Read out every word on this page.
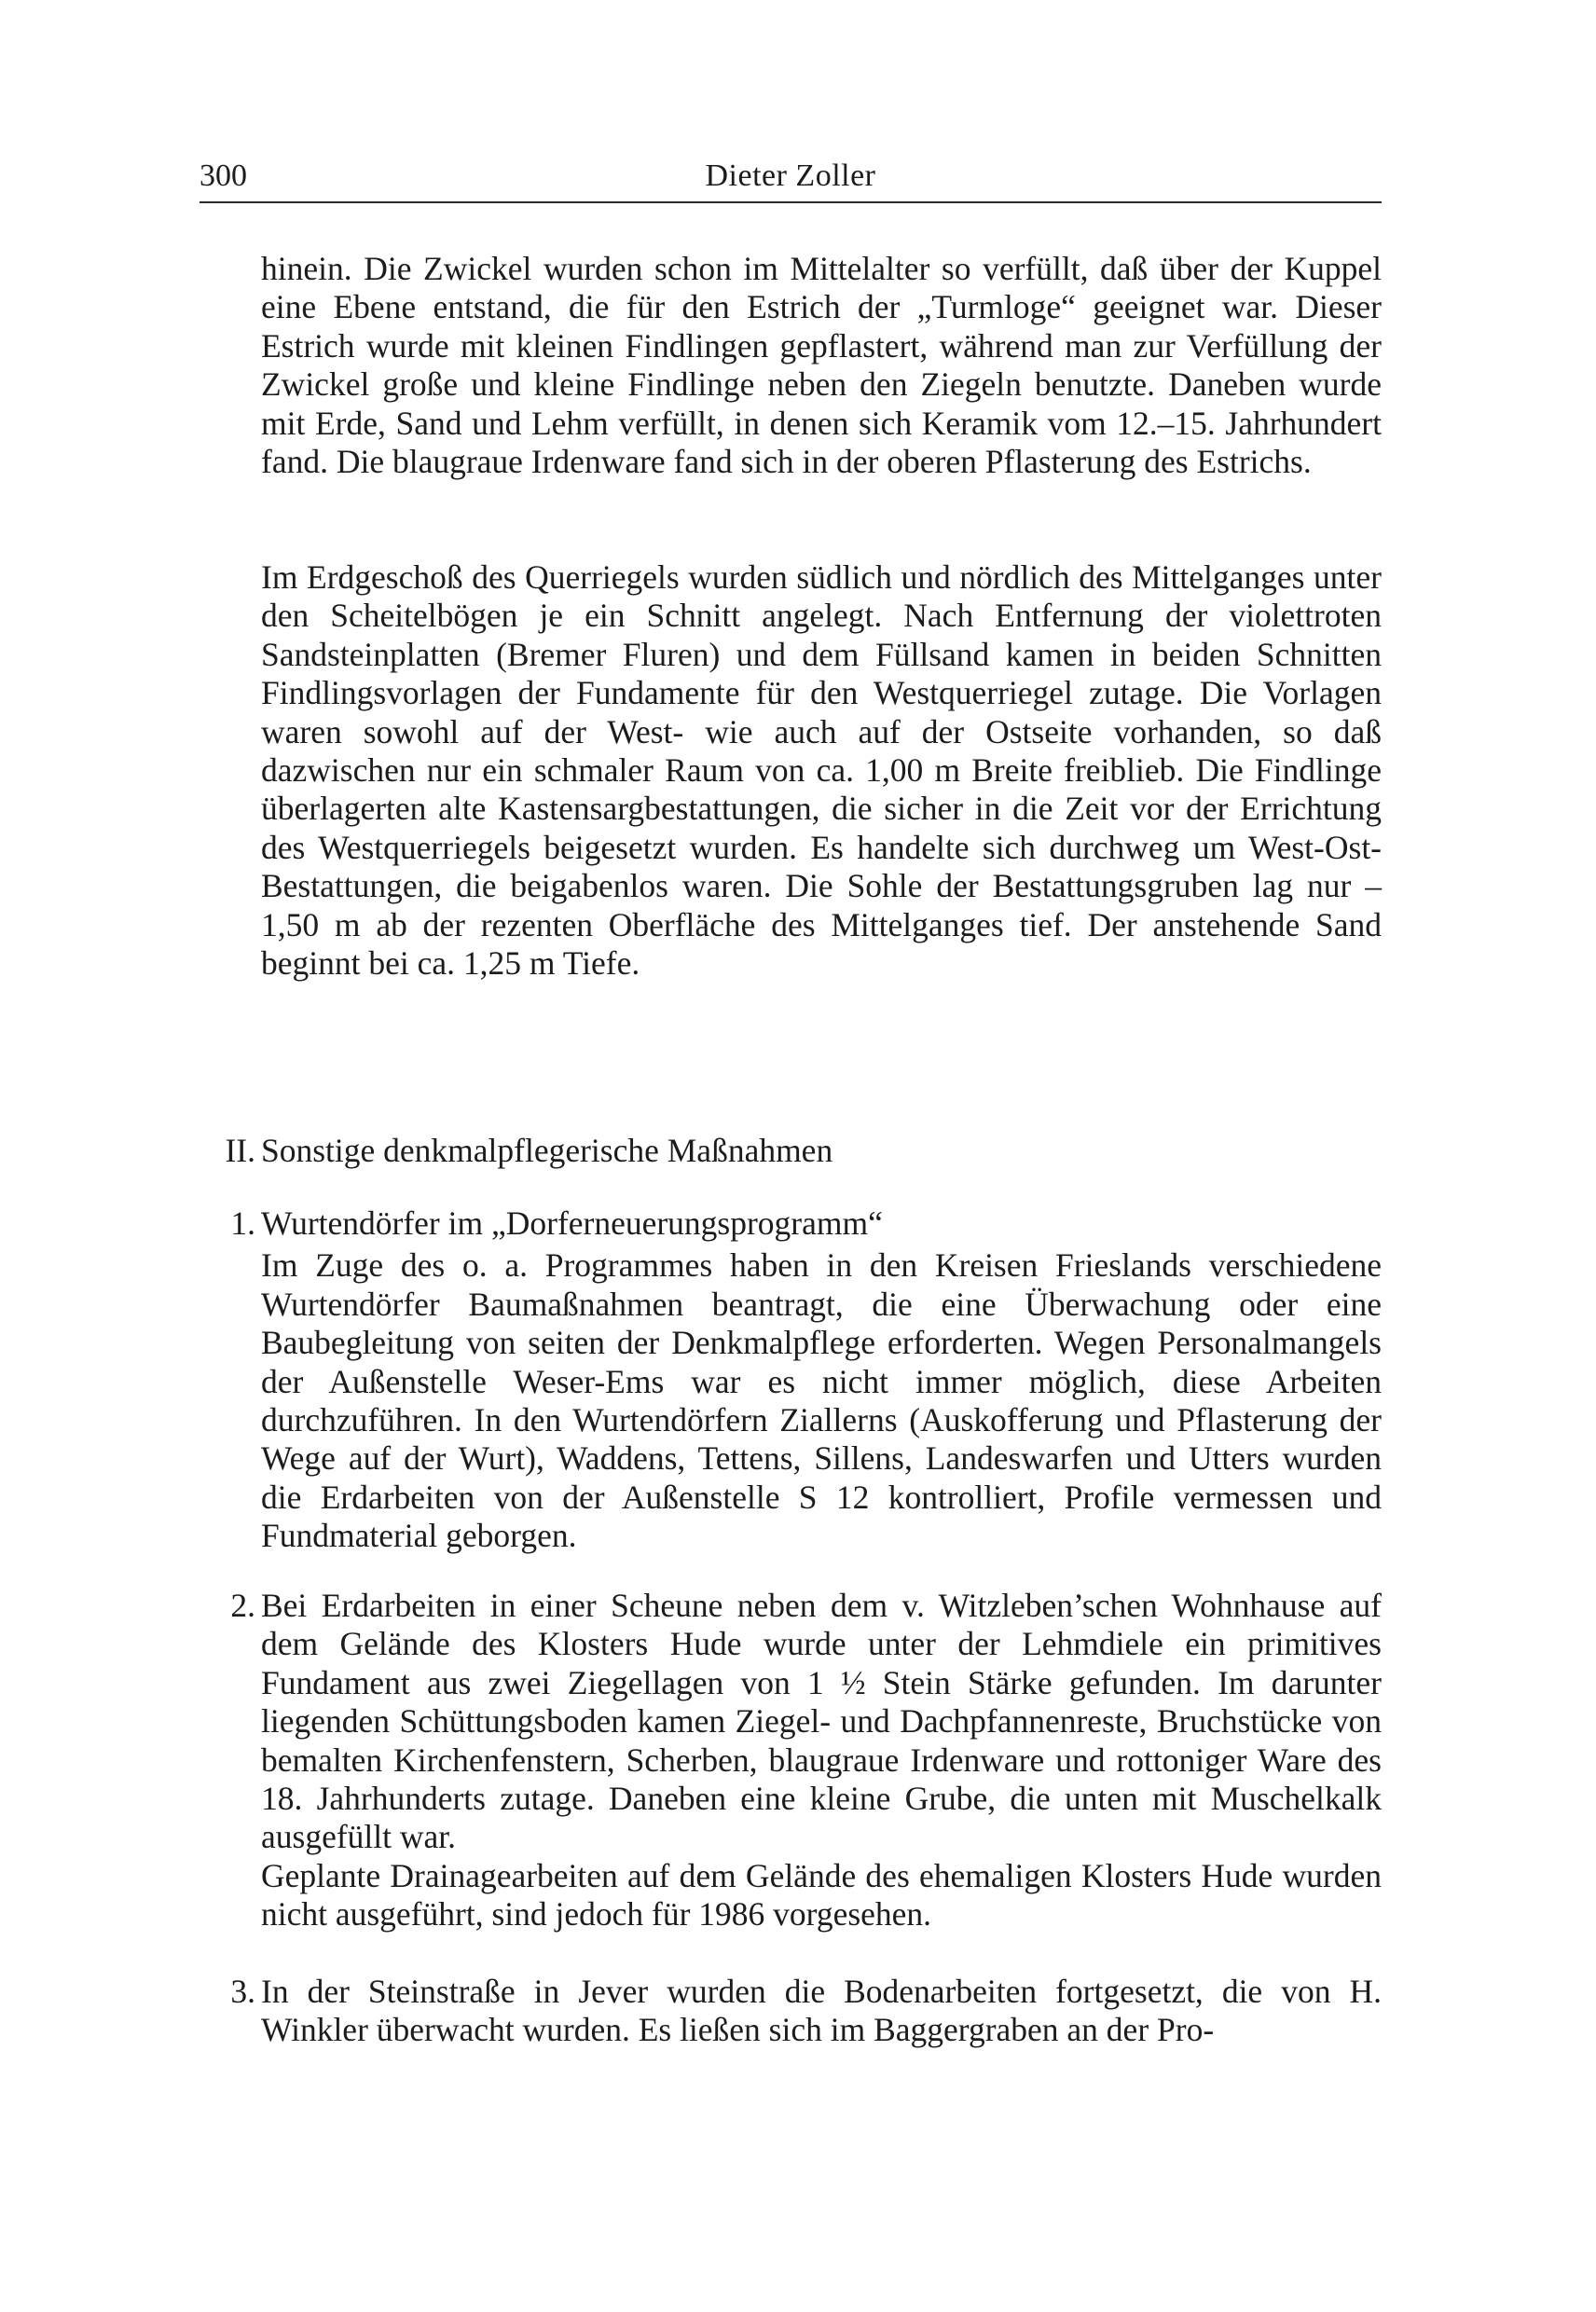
300	Dieter Zoller

hinein. Die Zwickel wurden schon im Mittelalter so verfüllt, daß über der Kuppel eine Ebene entstand, die für den Estrich der „Turmloge“ geeignet war. Dieser Estrich wurde mit kleinen Findlingen gepflastert, während man zur Verfüllung der Zwickel große und kleine Findlinge neben den Ziegeln benutzte. Daneben wurde mit Erde, Sand und Lehm verfüllt, in denen sich Keramik vom 12.–15. Jahrhundert fand. Die blaugraue Irdenware fand sich in der oberen Pflasterung des Estrichs.

Im Erdgeschoß des Querriegels wurden südlich und nördlich des Mittelganges unter den Scheitelbögen je ein Schnitt angelegt. Nach Entfernung der violettroten Sandsteinplatten (Bremer Fluren) und dem Füllsand kamen in beiden Schnitten Findlingsvorlagen der Fundamente für den Westquerriegel zutage. Die Vorlagen waren sowohl auf der West- wie auch auf der Ostseite vorhanden, so daß dazwischen nur ein schmaler Raum von ca. 1,00 m Breite freiblieb. Die Findlinge überlagerten alte Kastensargbestattungen, die sicher in die Zeit vor der Errichtung des Westquerriegels beigesetzt wurden. Es handelte sich durchweg um West-Ost-Bestattungen, die beigabenlos waren. Die Sohle der Bestattungsgruben lag nur –1,50 m ab der rezenten Oberfläche des Mittelganges tief. Der anstehende Sand beginnt bei ca. 1,25 m Tiefe.

II. Sonstige denkmalpflegerische Maßnahmen

1. Wurtendörfer im „Dorferneuerungsprogramm“

Im Zuge des o. a. Programmes haben in den Kreisen Frieslands verschiedene Wurtendörfer Baumaßnahmen beantragt, die eine Überwachung oder eine Baubegleitung von seiten der Denkmalpflege erforderten. Wegen Personalmangels der Außenstelle Weser-Ems war es nicht immer möglich, diese Arbeiten durchzuführen. In den Wurtendörfern Ziallerns (Auskofferung und Pflasterung der Wege auf der Wurt), Waddens, Tettens, Sillens, Landeswarfen und Utters wurden die Erdarbeiten von der Außenstelle S 12 kontrolliert, Profile vermessen und Fundmaterial geborgen.

2. Bei Erdarbeiten in einer Scheune neben dem v. Witzleben’schen Wohnhause auf dem Gelände des Klosters Hude wurde unter der Lehmdiele ein primitives Fundament aus zwei Ziegellagen von 1 ½ Stein Stärke gefunden. Im darunter liegenden Schüttungsboden kamen Ziegel- und Dachpfannenreste, Bruchstücke von bemalten Kirchenfenstern, Scherben, blaugraue Irdenware und rottoniger Ware des 18. Jahrhunderts zutage. Daneben eine kleine Grube, die unten mit Muschelkalk ausgefüllt war.

Geplante Drainagearbeiten auf dem Gelände des ehemaligen Klosters Hude wurden nicht ausgeführt, sind jedoch für 1986 vorgesehen.

3. In der Steinstraße in Jever wurden die Bodenarbeiten fortgesetzt, die von H. Winkler überwacht wurden. Es ließen sich im Baggergraben an der Pro-
